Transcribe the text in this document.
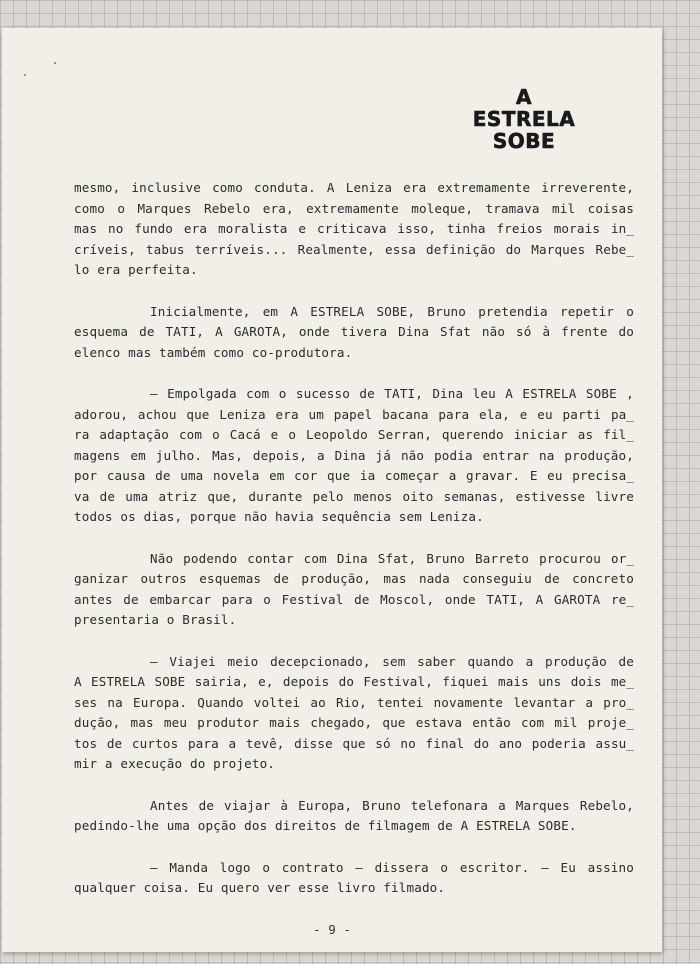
A
ESTRELA
SOBE
mesmo, inclusive como conduta. A Leniza era extremamente irreverente,
como o Marques Rebelo era, extremamente moleque, tramava mil coisas
mas no fundo era moralista e criticava isso, tinha freios morais in̲
críveis, tabus terríveis... Realmente, essa definição do Marques Rebe̲
lo era perfeita.
Inicialmente, em A ESTRELA SOBE, Bruno pretendia repetir o
esquema de TATI, A GAROTA, onde tivera Dina Sfat não só à frente do
elenco mas também como co-produtora.
— Empolgada com o sucesso de TATI, Dina leu A ESTRELA SOBE ,
adorou, achou que Leniza era um papel bacana para ela, e eu parti pa̲
ra adaptação com o Cacá e o Leopoldo Serran, querendo iniciar as fil̲
magens em julho. Mas, depois, a Dina já não podia entrar na produção,
por causa de uma novela em cor que ia começar a gravar. E eu precisa̲
va de uma atriz que, durante pelo menos oito semanas, estivesse livre
todos os dias, porque não havia sequência sem Leniza.
Não podendo contar com Dina Sfat, Bruno Barreto procurou or̲
ganizar outros esquemas de produção, mas nada conseguiu de concreto
antes de embarcar para o Festival de Moscol, onde TATI, A GAROTA re̲
presentaria o Brasil.
— Viajei meio decepcionado, sem saber quando a produção de
A ESTRELA SOBE sairia, e, depois do Festival, fiquei mais uns dois me̲
ses na Europa. Quando voltei ao Rio, tentei novamente levantar a pro̲
dução, mas meu produtor mais chegado, que estava então com mil proje̲
tos de curtos para a tevê, disse que só no final do ano poderia assu̲
mir a execução do projeto.
Antes de viajar à Europa, Bruno telefonara a Marques Rebelo,
pedindo-lhe uma opção dos direitos de filmagem de A ESTRELA SOBE.
— Manda logo o contrato — dissera o escritor. — Eu assino
qualquer coisa. Eu quero ver esse livro filmado.
- 9 -
